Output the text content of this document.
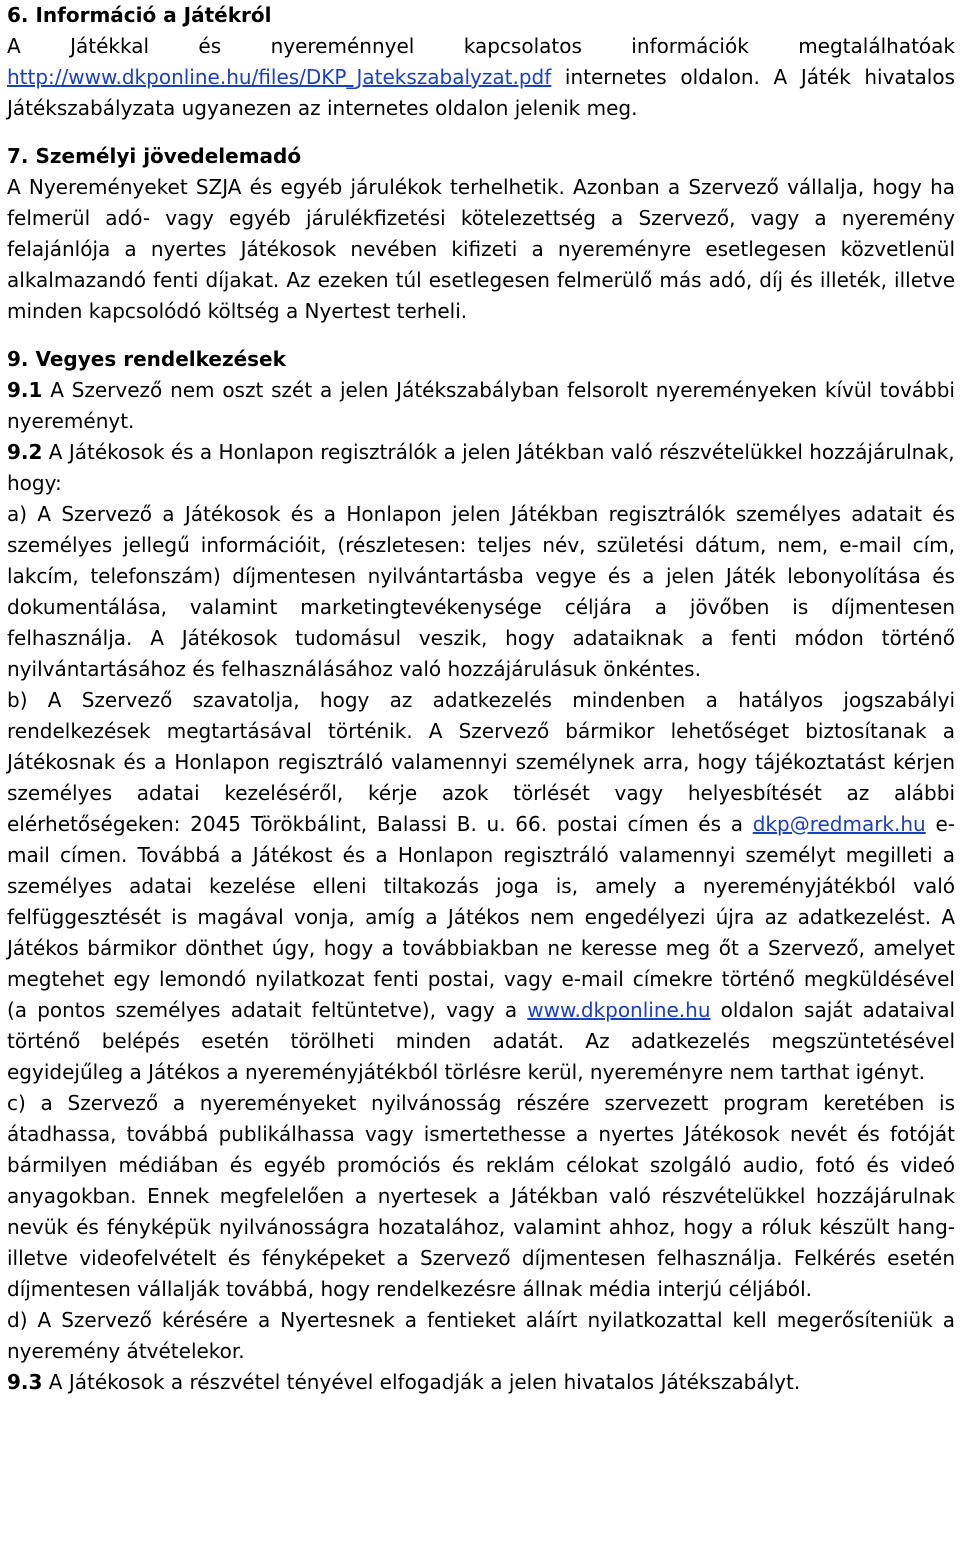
6. Információ a Játékról

A Játékkal és nyereménnyel kapcsolatos információk megtalálhatóak http://www.dkponline.hu/files/DKP_Jatekszabalyzat.pdf internetes oldalon. A Játék hivatalos Játékszabályzata ugyanezen az internetes oldalon jelenik meg.

7. Személyi jövedelemadó

A Nyereményeket SZJA és egyéb járulékok terhelhetik. Azonban a Szervező vállalja, hogy ha felmerül adó- vagy egyéb járulékfizetési kötelezettség a Szervező, vagy a nyeremény felajánlója a nyertes Játékosok nevében kifizeti a nyereményre esetlegesen közvetlenül alkalmazandó fenti díjakat. Az ezeken túl esetlegesen felmerülő más adó, díj és illeték, illetve minden kapcsolódó költség a Nyertest terheli.

9. Vegyes rendelkezések

9.1 A Szervező nem oszt szét a jelen Játékszabályban felsorolt nyereményeken kívül további nyereményt.

9.2 A Játékosok és a Honlapon regisztrálók a jelen Játékban való részvételükkel hozzájárulnak, hogy:

a) A Szervező a Játékosok és a Honlapon jelen Játékban regisztrálók személyes adatait és személyes jellegű információit, (részletesen: teljes név, születési dátum, nem, e-mail cím, lakcím, telefonszám) díjmentesen nyilvántartásba vegye és a jelen Játék lebonyolítása és dokumentálása, valamint marketingtevékenysége céljára a jövőben is díjmentesen felhasználja. A Játékosok tudomásul veszik, hogy adataiknak a fenti módon történő nyilvántartásához és felhasználásához való hozzájárulásuk önkéntes.

b) A Szervező szavatolja, hogy az adatkezelés mindenben a hatályos jogszabályi rendelkezések megtartásával történik. A Szervező bármikor lehetőséget biztosítanak a Játékosnak és a Honlapon regisztráló valamennyi személynek arra, hogy tájékoztatást kérjen személyes adatai kezeléséről, kérje azok törlését vagy helyesbítését az alábbi elérhetőségeken: 2045 Törökbálint, Balassi B. u. 66. postai címen és a dkp@redmark.hu e-mail címen. Továbbá a Játékost és a Honlapon regisztráló valamennyi személyt megilleti a személyes adatai kezelése elleni tiltakozás joga is, amely a nyereményjátékból való felfüggesztését is magával vonja, amíg a Játékos nem engedélyezi újra az adatkezelést. A Játékos bármikor dönthet úgy, hogy a továbbiakban ne keresse meg őt a Szervező, amelyet megtehet egy lemondó nyilatkozat fenti postai, vagy e-mail címekre történő megküldésével (a pontos személyes adatait feltüntetve), vagy a www.dkponline.hu oldalon saját adataival történő belépés esetén törölheti minden adatát. Az adatkezelés megszüntetésével egyidejűleg a Játékos a nyereményjátékból törlésre kerül, nyereményre nem tarthat igényt.

c) a Szervező a nyereményeket nyilvánosság részére szervezett program keretében is átadhassa, továbbá publikálhassa vagy ismertethesse a nyertes Játékosok nevét és fotóját bármilyen médiában és egyéb promóciós és reklám célokat szolgáló audio, fotó és videó anyagokban. Ennek megfelelően a nyertesek a Játékban való részvételükkel hozzájárulnak nevük és fényképük nyilvánosságra hozatalához, valamint ahhoz, hogy a róluk készült hang- illetve videofelvételt és fényképeket a Szervező díjmentesen felhasználja. Felkérés esetén díjmentesen vállalják továbbá, hogy rendelkezésre állnak média interjú céljából.

d) A Szervező kérésére a Nyertesnek a fentieket aláírt nyilatkozattal kell megerősíteniük a nyeremény átvételekor.

9.3 A Játékosok a részvétel tényével elfogadják a jelen hivatalos Játékszabályt.
